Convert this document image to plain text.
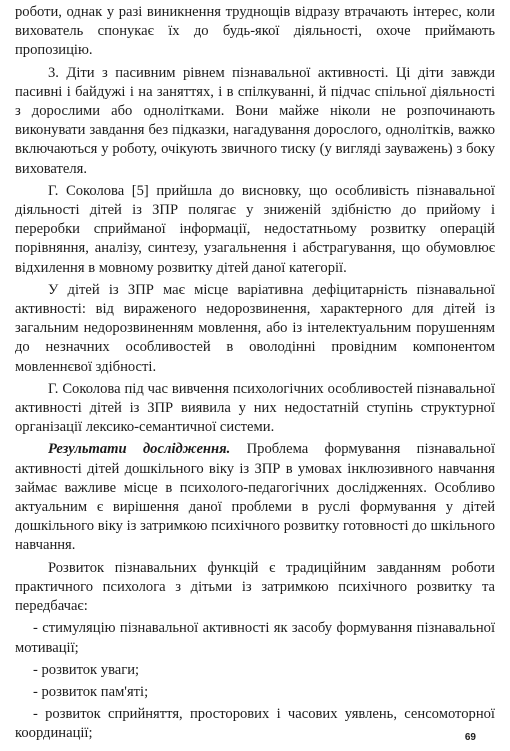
роботи, однак у разі виникнення труднощів відразу втрачають інтерес, коли вихователь спонукає їх до будь-якої діяльності, охоче приймають пропозицію.

3. Діти з пасивним рівнем пізнавальної активності. Ці діти завжди пасивні і байдужі і на заняттях, і в спілкуванні, й підчас спільної діяльності з дорослими або однолітками. Вони майже ніколи не розпочинають виконувати завдання без підказки, нагадування дорослого, однолітків, важко включаються у роботу, очікують звичного тиску (у вигляді зауважень) з боку вихователя.

Г. Соколова [5] прийшла до висновку, що особливість пізнавальної діяльності дітей із ЗПР полягає у зниженій здібністю до прийому і переробки сприйманої інформації, недостатньому розвитку операцій порівняння, аналізу, синтезу, узагальнення і абстрагування, що обумовлює відхилення в мовному розвитку дітей даної категорії.

У дітей із ЗПР має місце варіативна дефіцитарність пізнавальної активності: від вираженого недорозвинення, характерного для дітей із загальним недорозвиненням мовлення, або із інтелектуальним порушенням до незначних особливостей в оволодінні провідним компонентом мовленнєвої здібності.

Г. Соколова під час вивчення психологічних особливостей пізнавальної активності дітей із ЗПР виявила у них недостатній ступінь структурної організації лексико-семантичної системи.

Результати дослідження. Проблема формування пізнавальної активності дітей дошкільного віку із ЗПР в умовах інклюзивного навчання займає важливе місце в психолого-педагогічних дослідженнях. Особливо актуальним є вирішення даної проблеми в руслі формування у дітей дошкільного віку із затримкою психічного розвитку готовності до шкільного навчання.

Розвиток пізнавальних функцій є традиційним завданням роботи практичного психолога з дітьми із затримкою психічного розвитку та передбачає:

- стимуляцію пізнавальної активності як засобу формування пізнавальної мотивації;

- розвиток уваги;

- розвиток пам'яті;

- розвиток сприйняття, просторових і часових уявлень, сенсомоторної координації;	69
